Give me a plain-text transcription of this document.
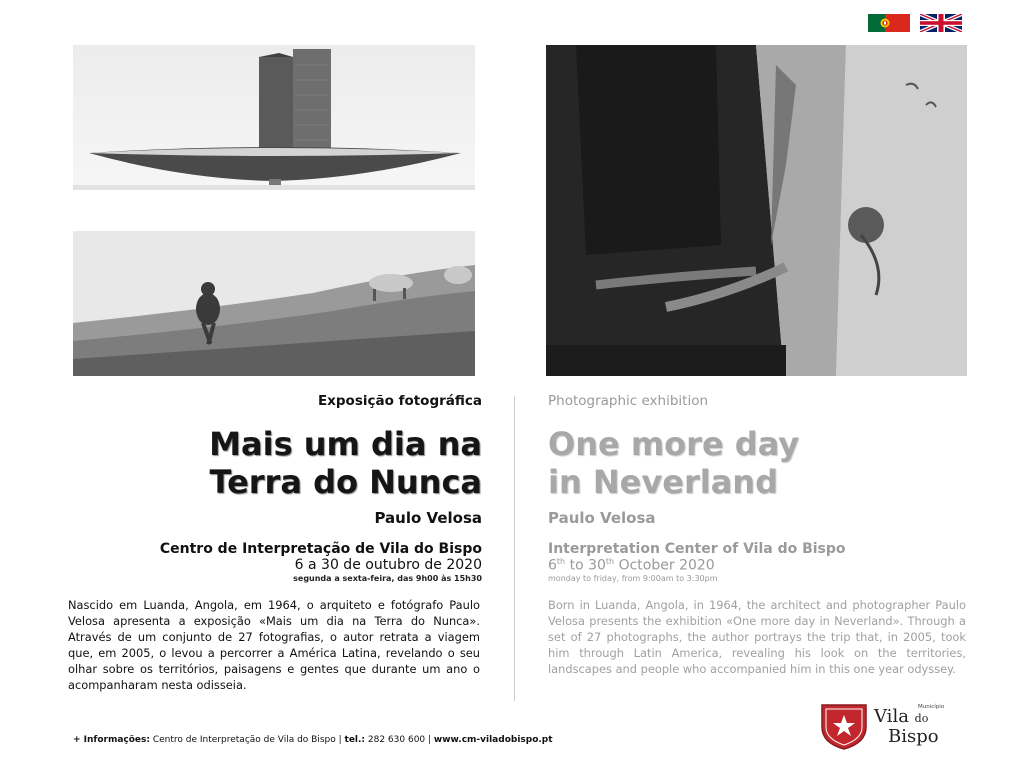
Exposição fotográfica
Mais um dia na
Terra do Nunca
Paulo Velosa
Centro de Interpretação de Vila do Bispo
6 a 30 de outubro de 2020
segunda a sexta-feira, das 9h00 às 15h30
Nascido em Luanda, Angola, em 1964, o arquiteto e fotógrafo Paulo Velosa apresenta a exposição «Mais um dia na Terra do Nunca». Através de um conjunto de 27 fotografias, o autor retrata a viagem que, em 2005, o levou a percorrer a América Latina, revelando o seu olhar sobre os territórios, paisagens e gentes que durante um ano o acompanharam nesta odisseia.
Photographic exhibition
One more day
in Neverland
Paulo Velosa
Interpretation Center of Vila do Bispo
6th to 30th October 2020
monday to friday, from 9:00am to 3:30pm
Born in Luanda, Angola, in 1964, the architect and photographer Paulo Velosa presents the exhibition «One more day in Neverland». Through a set of 27 photographs, the author portrays the trip that, in 2005, took him through Latin America, revealing his look on the territories, landscapes and people who accompanied him in this one year odyssey.
+ Informações: Centro de Interpretação de Vila do Bispo | tel.: 282 630 600 | www.cm-viladobispo.pt
Município
Vila do
Bispo
